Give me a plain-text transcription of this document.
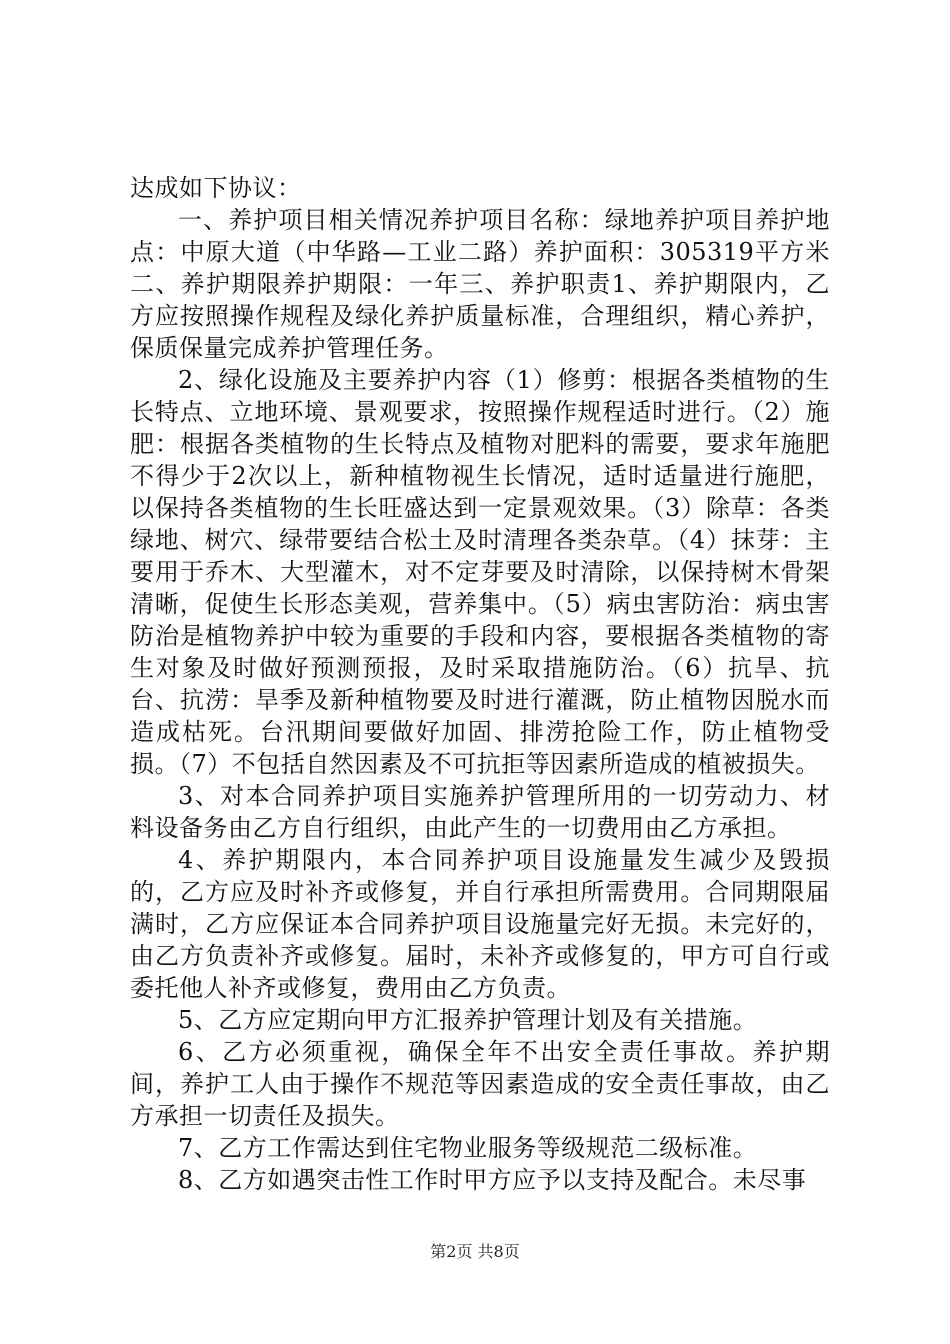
达成如下协议：

一、养护项目相关情况养护项目名称：绿地养护项目养护地点：中原大道（中华路—工业二路）养护面积：305319平方米二、养护期限养护期限：一年三、养护职责1、养护期限内，乙方应按照操作规程及绿化养护质量标准，合理组织，精心养护，保质保量完成养护管理任务。

2、绿化设施及主要养护内容（1）修剪：根据各类植物的生长特点、立地环境、景观要求，按照操作规程适时进行。（2）施肥：根据各类植物的生长特点及植物对肥料的需要，要求年施肥不得少于2次以上，新种植物视生长情况，适时适量进行施肥，以保持各类植物的生长旺盛达到一定景观效果。（3）除草：各类绿地、树穴、绿带要结合松土及时清理各类杂草。（4）抹芽：主要用于乔木、大型灌木，对不定芽要及时清除，以保持树木骨架清晰，促使生长形态美观，营养集中。（5）病虫害防治：病虫害防治是植物养护中较为重要的手段和内容，要根据各类植物的寄生对象及时做好预测预报，及时采取措施防治。（6）抗旱、抗台、抗涝：旱季及新种植物要及时进行灌溉，防止植物因脱水而造成枯死。台汛期间要做好加固、排涝抢险工作，防止植物受损。（7）不包括自然因素及不可抗拒等因素所造成的植被损失。

3、对本合同养护项目实施养护管理所用的一切劳动力、材料设备务由乙方自行组织，由此产生的一切费用由乙方承担。

4、养护期限内，本合同养护项目设施量发生减少及毁损的，乙方应及时补齐或修复，并自行承担所需费用。合同期限届满时，乙方应保证本合同养护项目设施量完好无损。未完好的，由乙方负责补齐或修复。届时，未补齐或修复的，甲方可自行或委托他人补齐或修复，费用由乙方负责。

5、乙方应定期向甲方汇报养护管理计划及有关措施。

6、乙方必须重视，确保全年不出安全责任事故。养护期间，养护工人由于操作不规范等因素造成的安全责任事故，由乙方承担一切责任及损失。

7、乙方工作需达到住宅物业服务等级规范二级标准。

8、乙方如遇突击性工作时甲方应予以支持及配合。未尽事

第2页 共8页
